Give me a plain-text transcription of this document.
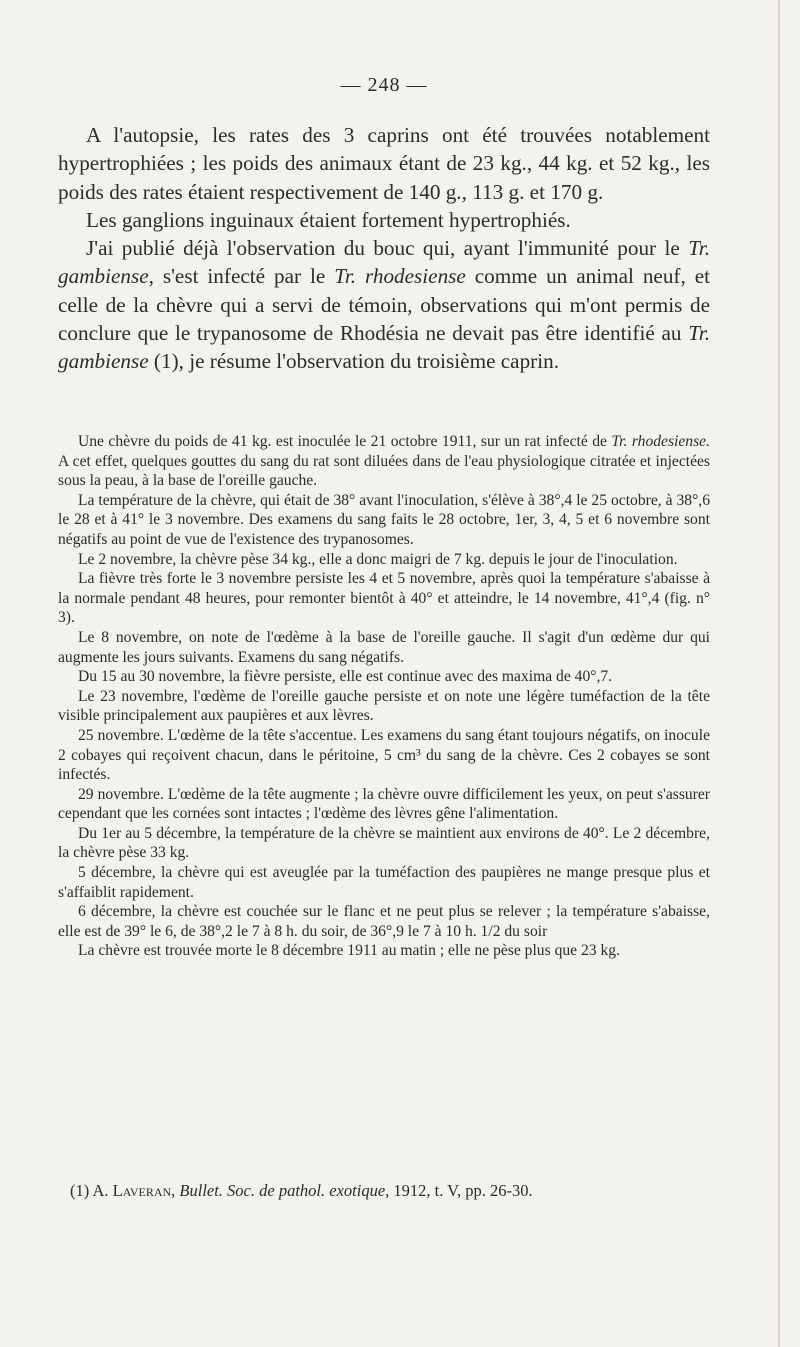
— 248 —

A l'autopsie, les rates des 3 caprins ont été trouvées notablement hypertrophiées ; les poids des animaux étant de 23 kg., 44 kg. et 52 kg., les poids des rates étaient respectivement de 140 g., 113 g. et 170 g.

Les ganglions inguinaux étaient fortement hypertrophiés.

J'ai publié déjà l'observation du bouc qui, ayant l'immunité pour le Tr. gambiense, s'est infecté par le Tr. rhodesiense comme un animal neuf, et celle de la chèvre qui a servi de témoin, observations qui m'ont permis de conclure que le trypanosome de Rhodésia ne devait pas être identifié au Tr. gambiense (1), je résume l'observation du troisième caprin.

Une chèvre du poids de 41 kg. est inoculée le 21 octobre 1911, sur un rat infecté de Tr. rhodesiense. A cet effet, quelques gouttes du sang du rat sont diluées dans de l'eau physiologique citratée et injectées sous la peau, à la base de l'oreille gauche.

La température de la chèvre, qui était de 38° avant l'inoculation, s'élève à 38°,4 le 25 octobre, à 38°,6 le 28 et à 41° le 3 novembre. Des examens du sang faits le 28 octobre, 1er, 3, 4, 5 et 6 novembre sont négatifs au point de vue de l'existence des trypanosomes.

Le 2 novembre, la chèvre pèse 34 kg., elle a donc maigri de 7 kg. depuis le jour de l'inoculation.

La fièvre très forte le 3 novembre persiste les 4 et 5 novembre, après quoi la température s'abaisse à la normale pendant 48 heures, pour remonter bientôt à 40° et atteindre, le 14 novembre, 41°,4 (fig. n° 3).

Le 8 novembre, on note de l'œdème à la base de l'oreille gauche. Il s'agit d'un œdème dur qui augmente les jours suivants. Examens du sang négatifs.

Du 15 au 30 novembre, la fièvre persiste, elle est continue avec des maxima de 40°,7.

Le 23 novembre, l'œdème de l'oreille gauche persiste et on note une légère tuméfaction de la tête visible principalement aux paupières et aux lèvres.

25 novembre. L'œdème de la tête s'accentue. Les examens du sang étant toujours négatifs, on inocule 2 cobayes qui reçoivent chacun, dans le péritoine, 5 cm³ du sang de la chèvre. Ces 2 cobayes se sont infectés.

29 novembre. L'œdème de la tête augmente ; la chèvre ouvre difficilement les yeux, on peut s'assurer cependant que les cornées sont intactes ; l'œdème des lèvres gêne l'alimentation.

Du 1er au 5 décembre, la température de la chèvre se maintient aux environs de 40°. Le 2 décembre, la chèvre pèse 33 kg.

5 décembre, la chèvre qui est aveuglée par la tuméfaction des paupières ne mange presque plus et s'affaiblit rapidement.

6 décembre, la chèvre est couchée sur le flanc et ne peut plus se relever ; la température s'abaisse, elle est de 39° le 6, de 38°,2 le 7 à 8 h. du soir, de 36°,9 le 7 à 10 h. 1/2 du soir

La chèvre est trouvée morte le 8 décembre 1911 au matin ; elle ne pèse plus que 23 kg.

(1) A. Laveran, Bullet. Soc. de pathol. exotique, 1912, t. V, pp. 26-30.
